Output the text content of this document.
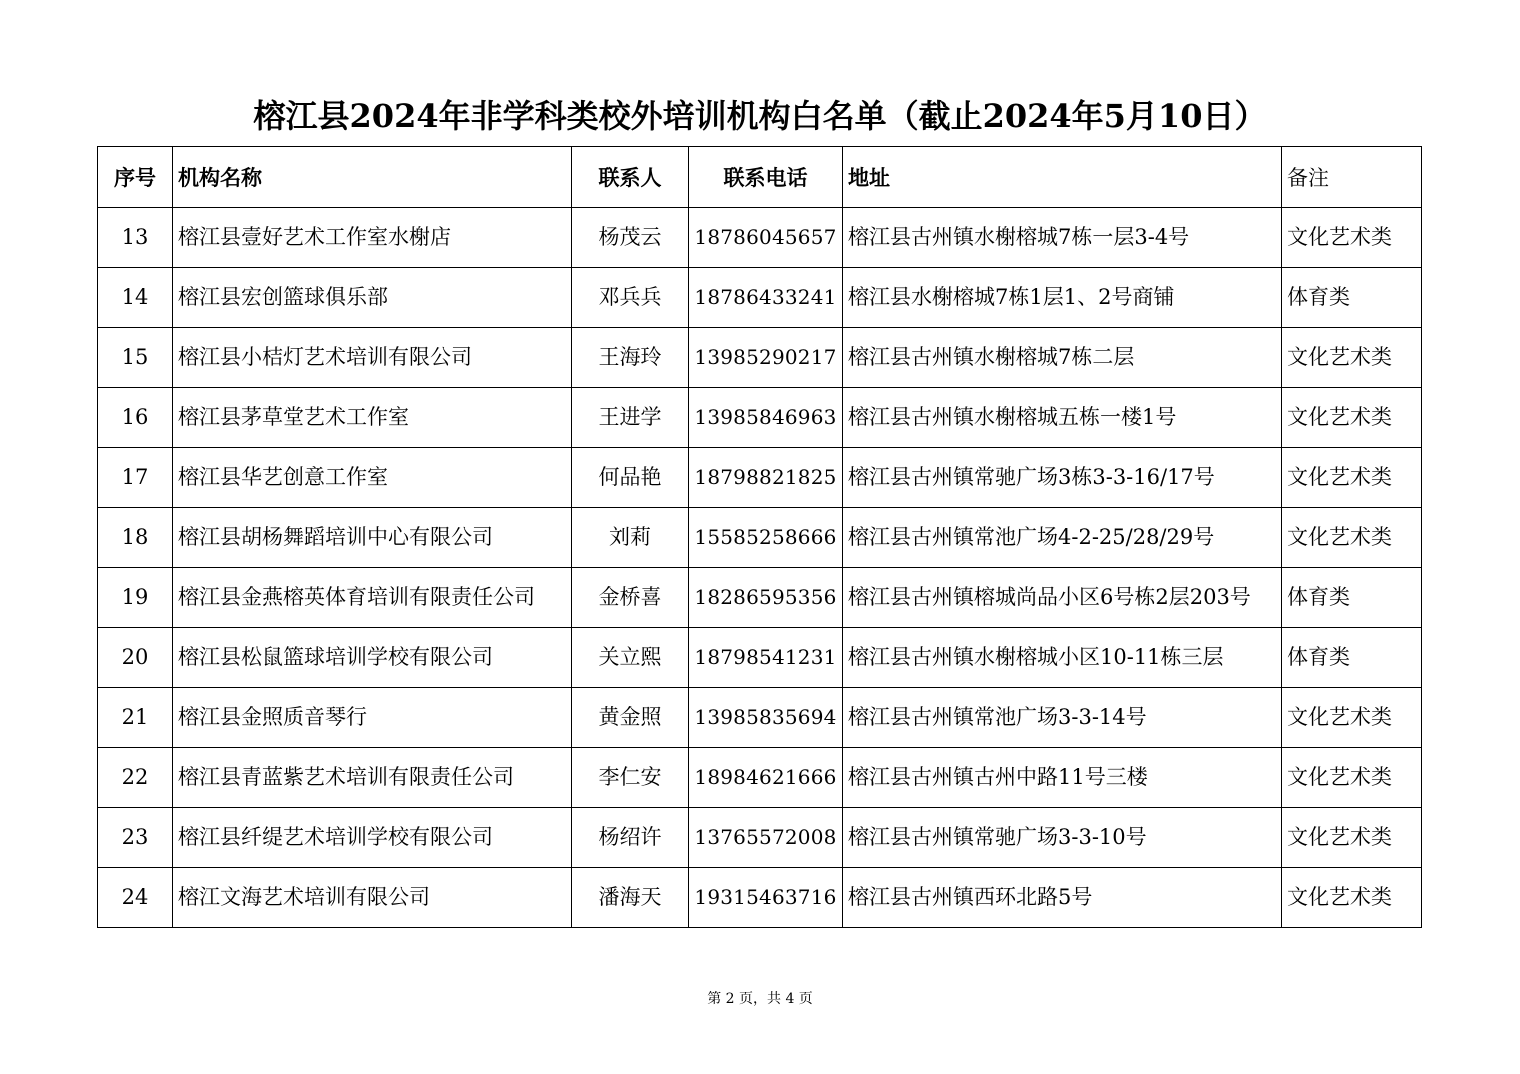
榕江县2024年非学科类校外培训机构白名单（截止2024年5月10日）
序号	机构名称	联系人	联系电话	地址	备注
13	榕江县壹好艺术工作室水榭店	杨茂云	18786045657	榕江县古州镇水榭榕城7栋一层3-4号	文化艺术类
14	榕江县宏创篮球俱乐部	邓兵兵	18786433241	榕江县水榭榕城7栋1层1、2号商铺	体育类
15	榕江县小桔灯艺术培训有限公司	王海玲	13985290217	榕江县古州镇水榭榕城7栋二层	文化艺术类
16	榕江县茅草堂艺术工作室	王进学	13985846963	榕江县古州镇水榭榕城五栋一楼1号	文化艺术类
17	榕江县华艺创意工作室	何品艳	18798821825	榕江县古州镇常驰广场3栋3-3-16/17号	文化艺术类
18	榕江县胡杨舞蹈培训中心有限公司	刘莉	15585258666	榕江县古州镇常池广场4-2-25/28/29号	文化艺术类
19	榕江县金燕榕英体育培训有限责任公司	金桥喜	18286595356	榕江县古州镇榕城尚品小区6号栋2层203号	体育类
20	榕江县松鼠篮球培训学校有限公司	关立熙	18798541231	榕江县古州镇水榭榕城小区10-11栋三层	体育类
21	榕江县金照质音琴行	黄金照	13985835694	榕江县古州镇常池广场3-3-14号	文化艺术类
22	榕江县青蓝紫艺术培训有限责任公司	李仁安	18984621666	榕江县古州镇古州中路11号三楼	文化艺术类
23	榕江县纤缇艺术培训学校有限公司	杨绍许	13765572008	榕江县古州镇常驰广场3-3-10号	文化艺术类
24	榕江文海艺术培训有限公司	潘海天	19315463716	榕江县古州镇西环北路5号	文化艺术类
第 2 页，共 4 页
